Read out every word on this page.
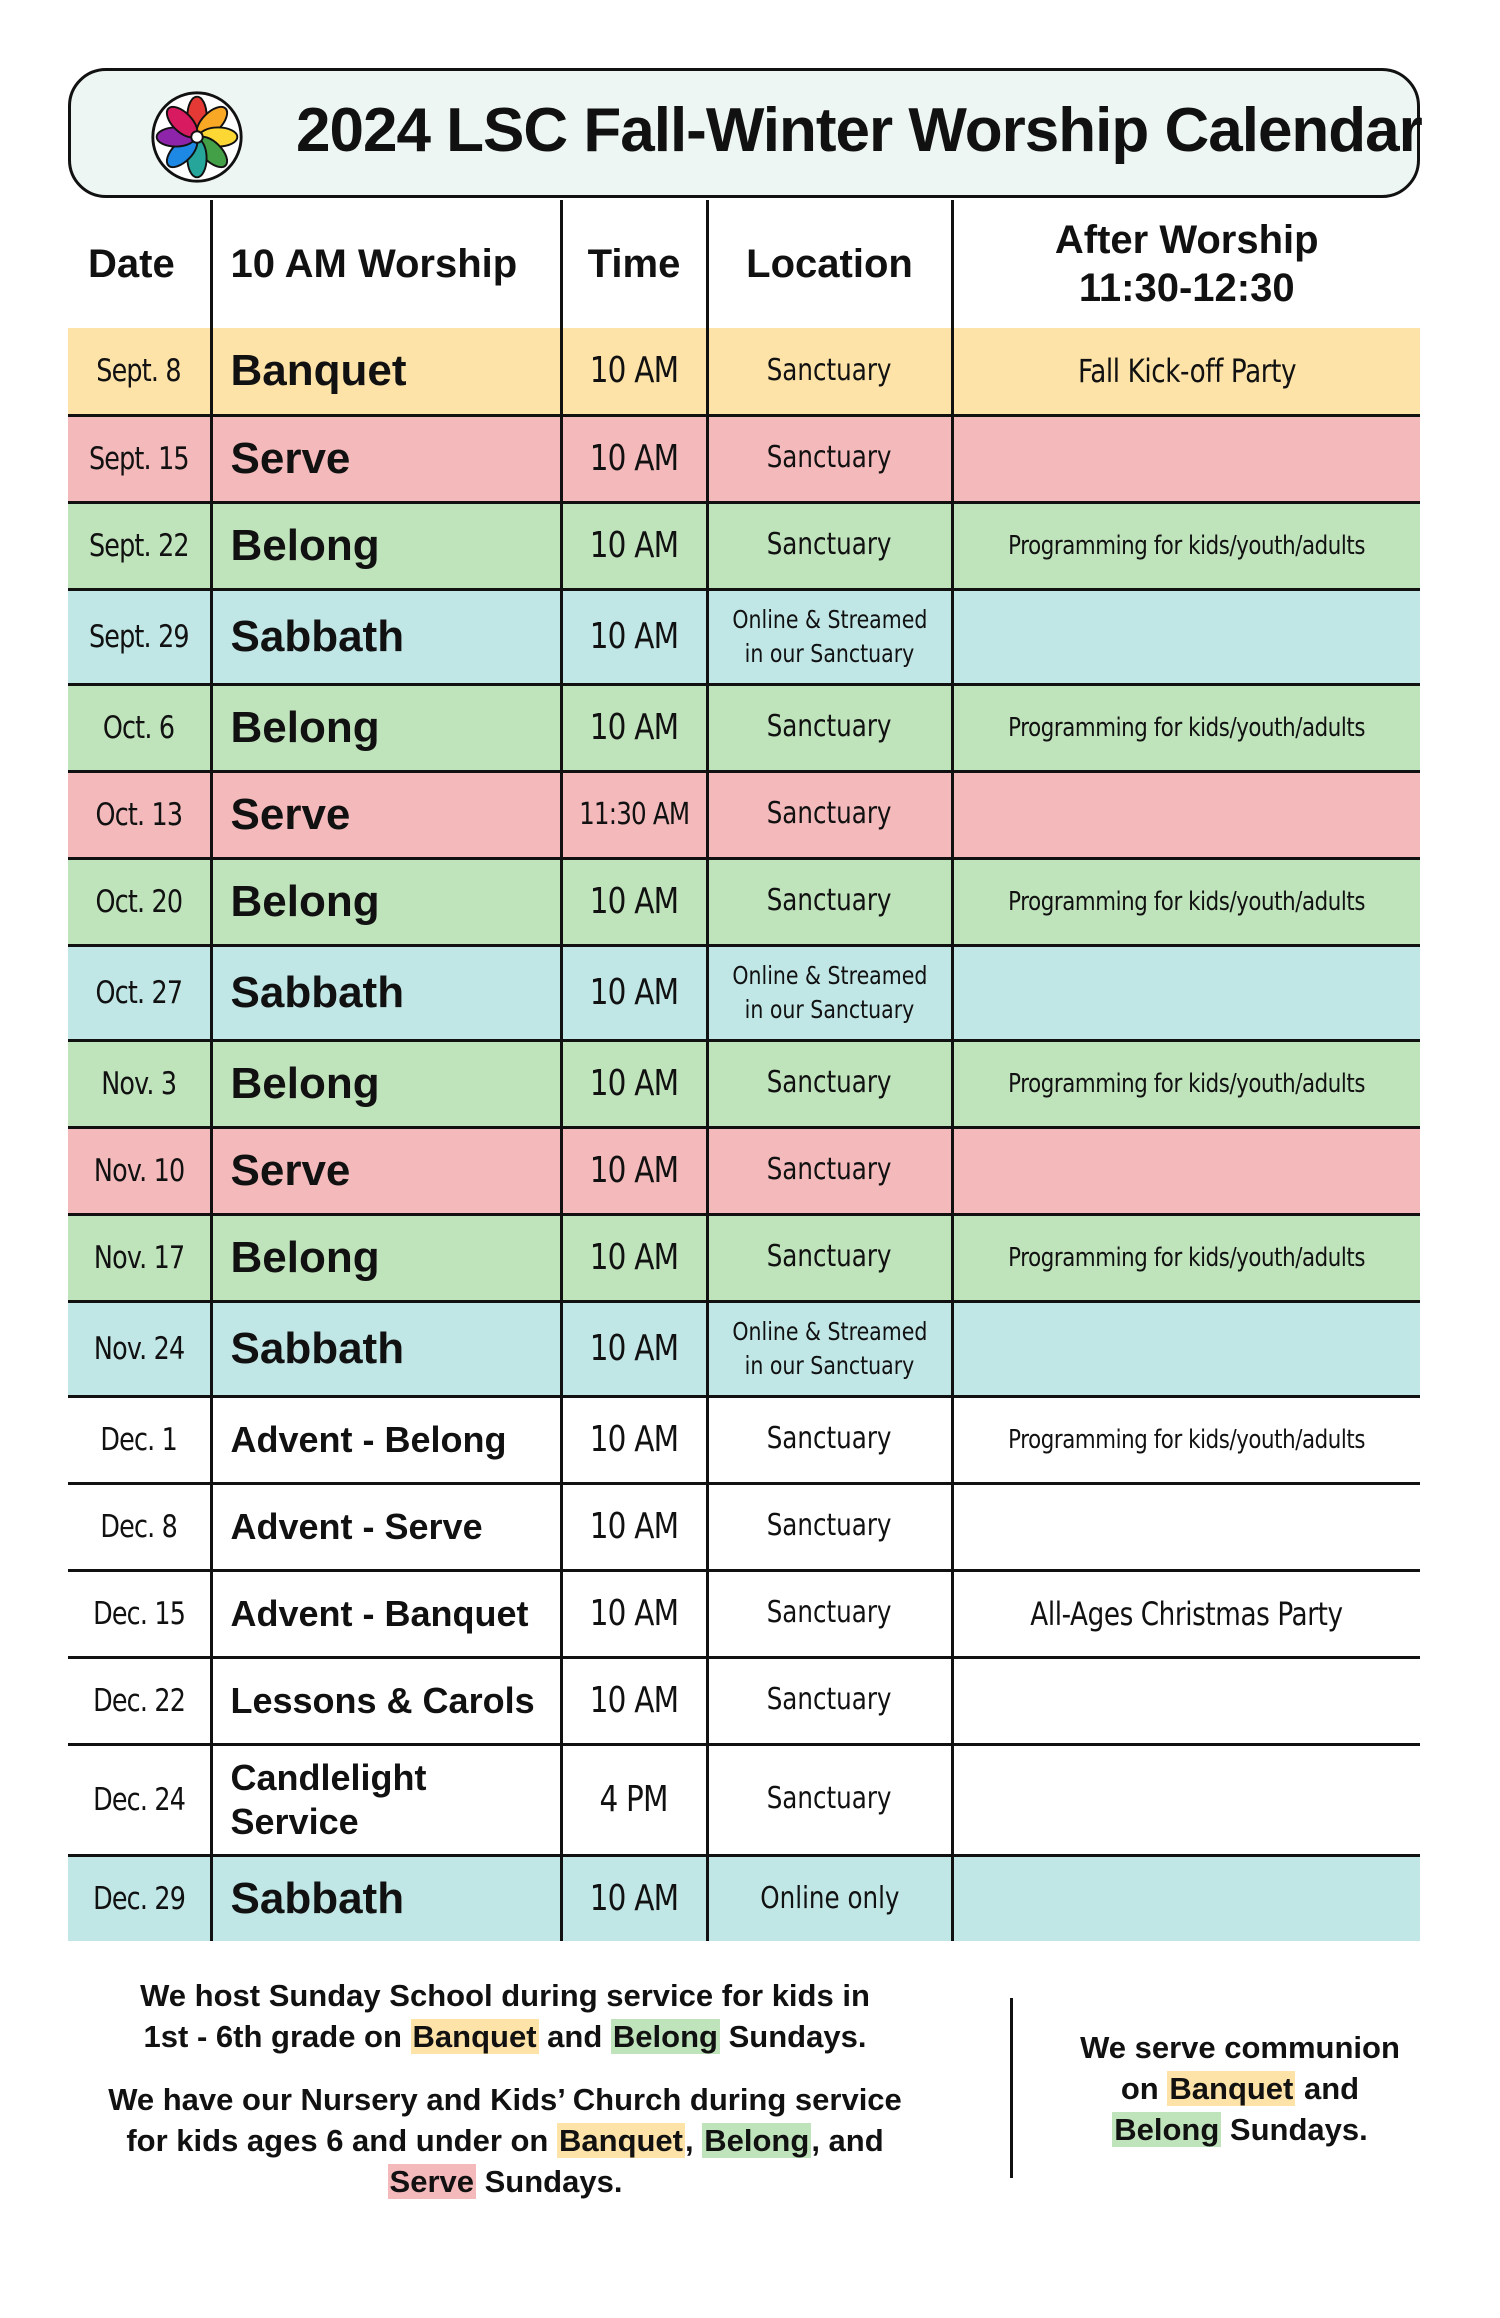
2024 LSC Fall-Winter Worship Calendar
Date	10 AM Worship	Time	Location	After Worship
11:30-12:30
Sept. 8	Banquet	10 AM	Sanctuary	Fall Kick-off Party
Sept. 15	Serve	10 AM	Sanctuary	
Sept. 22	Belong	10 AM	Sanctuary	Programming for kids/youth/adults
Sept. 29	Sabbath	10 AM	Online & Streamed
in our Sanctuary	
Oct. 6	Belong	10 AM	Sanctuary	Programming for kids/youth/adults
Oct. 13	Serve	11:30 AM	Sanctuary	
Oct. 20	Belong	10 AM	Sanctuary	Programming for kids/youth/adults
Oct. 27	Sabbath	10 AM	Online & Streamed
in our Sanctuary	
Nov. 3	Belong	10 AM	Sanctuary	Programming for kids/youth/adults
Nov. 10	Serve	10 AM	Sanctuary	
Nov. 17	Belong	10 AM	Sanctuary	Programming for kids/youth/adults
Nov. 24	Sabbath	10 AM	Online & Streamed
in our Sanctuary	
Dec. 1	Advent - Belong	10 AM	Sanctuary	Programming for kids/youth/adults
Dec. 8	Advent - Serve	10 AM	Sanctuary	
Dec. 15	Advent - Banquet	10 AM	Sanctuary	All-Ages Christmas Party
Dec. 22	Lessons & Carols	10 AM	Sanctuary	
Dec. 24	Candlelight
Service	4 PM	Sanctuary	
Dec. 29	Sabbath	10 AM	Online only	

We host Sunday School during service for kids in
1st - 6th grade on Banquet and Belong Sundays.

We have our Nursery and Kids’ Church during service
for kids ages 6 and under on Banquet, Belong, and
Serve Sundays.

We serve communion
on Banquet and
Belong Sundays.
